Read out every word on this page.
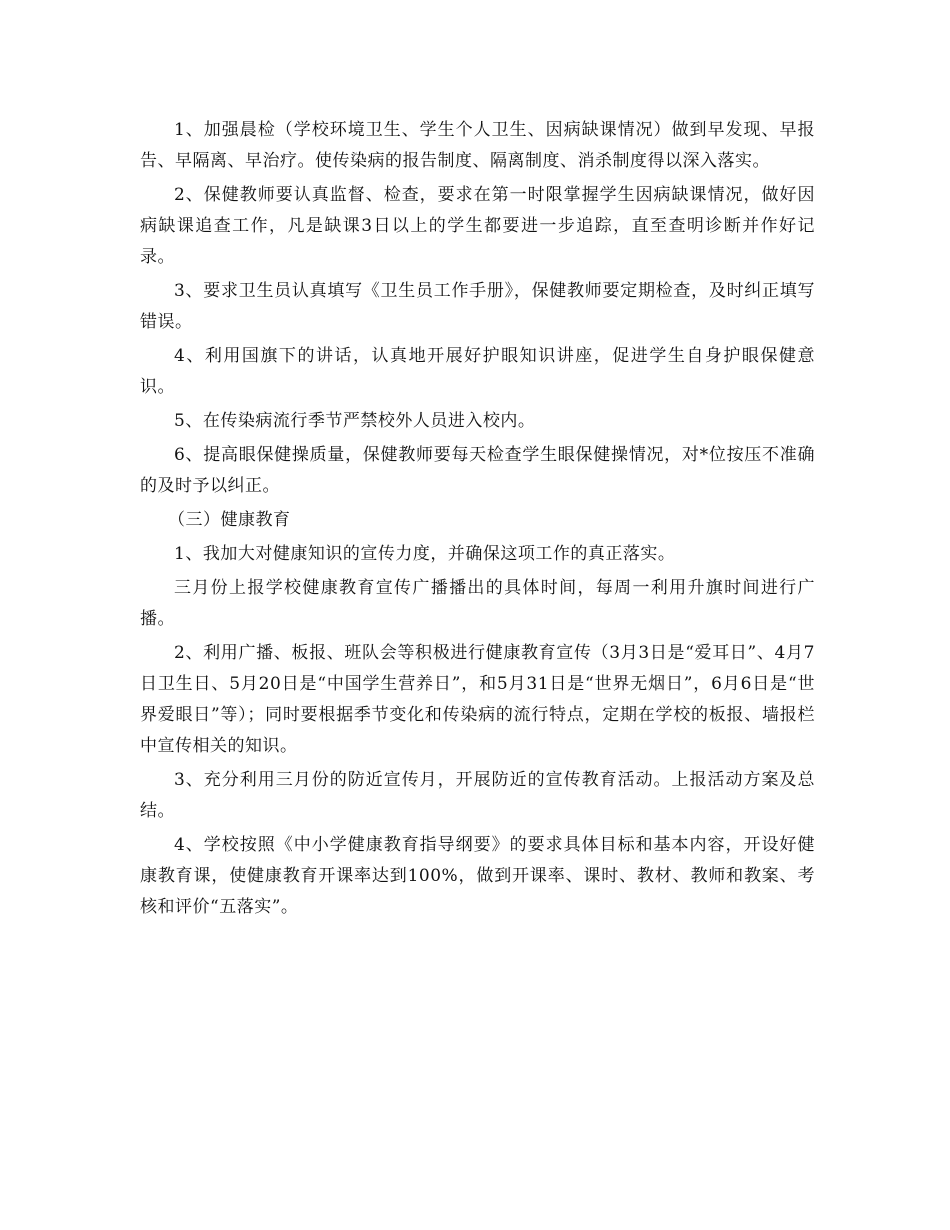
1、加强晨检（学校环境卫生、学生个人卫生、因病缺课情况）做到早发现、早报告、早隔离、早治疗。使传染病的报告制度、隔离制度、消杀制度得以深入落实。

2、保健教师要认真监督、检查，要求在第一时限掌握学生因病缺课情况，做好因病缺课追查工作，凡是缺课3日以上的学生都要进一步追踪，直至查明诊断并作好记录。

3、要求卫生员认真填写《卫生员工作手册》，保健教师要定期检查，及时纠正填写错误。

4、利用国旗下的讲话，认真地开展好护眼知识讲座，促进学生自身护眼保健意识。

5、在传染病流行季节严禁校外人员进入校内。

6、提高眼保健操质量，保健教师要每天检查学生眼保健操情况，对*位按压不准确的及时予以纠正。

（三）健康教育

1、我加大对健康知识的宣传力度，并确保这项工作的真正落实。

三月份上报学校健康教育宣传广播播出的具体时间，每周一利用升旗时间进行广播。

2、利用广播、板报、班队会等积极进行健康教育宣传（3月3日是“爱耳日”、4月7日卫生日、5月20日是“中国学生营养日”，和5月31日是“世界无烟日”，6月6日是“世界爱眼日”等）；同时要根据季节变化和传染病的流行特点，定期在学校的板报、墙报栏中宣传相关的知识。

3、充分利用三月份的防近宣传月，开展防近的宣传教育活动。上报活动方案及总结。

4、学校按照《中小学健康教育指导纲要》的要求具体目标和基本内容，开设好健康教育课，使健康教育开课率达到100%，做到开课率、课时、教材、教师和教案、考核和评价“五落实”。
